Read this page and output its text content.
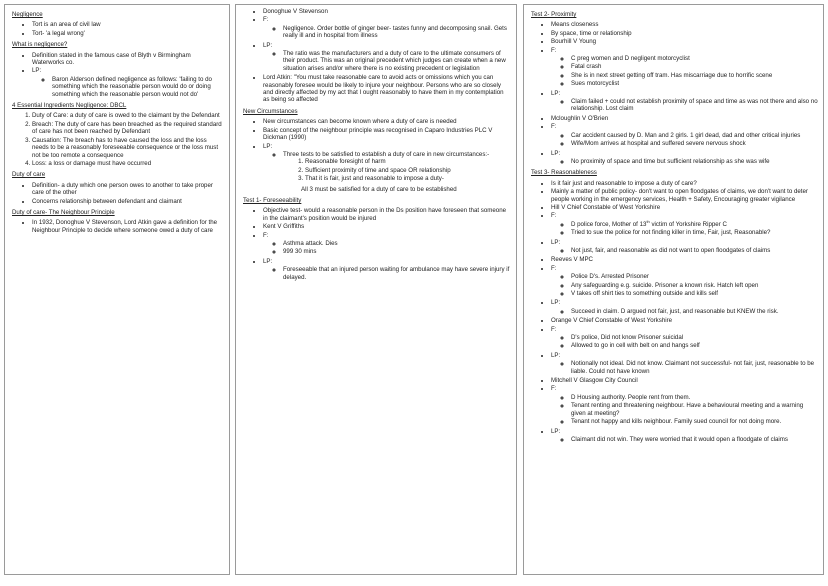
Negligence
• Tort is an area of civil law
• Tort- 'a legal wrong'
What is negligence?
• Definition stated in the famous case of Blyth v Birmingham Waterworks co.
• LP:
◦ Baron Alderson defined negligence as follows: 'failing to do something which the reasonable person would do or doing something which the reasonable person would not do'
4 Essential Ingredients Negligence: DBCL
1. Duty of Care: a duty of care is owed to the claimant by the Defendant
2. Breach: The duty of care has been breached as the required standard of care has not been reached by Defendant
3. Causation: The breach has to have caused the loss and the loss needs to be a reasonably foreseeable consequence or the loss must not be too remote a consequence
4. Loss: a loss or damage must have occurred
Duty of care
• Definition- a duty which one person owes to another to take proper care of the other
• Concerns relationship between defendant and claimant
Duty of care- The Neighbour Principle
• In 1932, Donoghue V Stevenson, Lord Atkin gave a definition for the Neighbour Principle to decide where someone owed a duty of care
• Donoghue V Stevenson
• F:
◦ Negligence. Order bottle of ginger beer- tastes funny and decomposing snail. Gets really ill and in hospital from illness
• LP:
◦ The ratio was the manufacturers and a duty of care to the ultimate consumers of their product. This was an original precedent which judges can create when a new situation arises and/or where there is no existing precedent or legislation
• Lord Atkin: "You must take reasonable care to avoid acts or omissions which you can reasonably foresee would be likely to injure your neighbour. Persons who are so closely and directly affected by my act that I ought reasonably to have them in my contemplation as being so affected
New Circumstances
• New circumstances can become known where a duty of care is needed
• Basic concept of the neighbour principle was recognised in Caparo Industries PLC V Dickman (1990)
• LP:
◦ Three tests to be satisfied to establish a duty of care in new circumstances:-
1. Reasonable foresight of harm
2. Sufficient proximity of time and space OR relationship
3. That it is fair, just and reasonable to impose a duty-
All 3 must be satisfied for a duty of care to be established
Test 1- Foreseeability
• Objective test- would a reasonable person in the Ds position have foreseen that someone in the claimant's position would be injured
• Kent V Griffiths
• F:
◦ Asthma attack. Dies
◦ 999 30 mins
• LP:
◦ Foreseeable that an injured person waiting for ambulance may have severe injury if delayed.
Test 2- Proximity
• Means closeness
• By space, time or relationship
• Bourhill V Young
• F:
◦ C preg women and D negligent motorcyclist
◦ Fatal crash
◦ She is in next street getting off tram. Has miscarriage due to horrific scene
◦ Sues motorcyclist
• LP:
◦ Claim failed + could not establish proximity of space and time as was not there and also no relationship. Lost claim
• Mcloughlin V O'Brien
• F:
◦ Car accident caused by D. Man and 2 girls. 1 girl dead, dad and other critical injuries
◦ Wife/Mom arrives at hospital and suffered severe nervous shock
• LP:
◦ No proximity of space and time but sufficient relationship as she was wife
Test 3- Reasonableness
• Is it fair just and reasonable to impose a duty of care?
• Mainly a matter of public policy- don't want to open floodgates of claims, we don't want to deter people working in the emergency services, Health + Safety, Encouraging greater vigilance
• Hill V Chief Constable of West Yorkshire
• F:
◦ D police force, Mother of 13th victim of Yorkshire Ripper C
◦ Tried to sue the police for not finding killer in time, Fair, just, Reasonable?
• LP:
◦ Not just, fair, and reasonable as did not want to open floodgates of claims
• Reeves V MPC
• F:
◦ Police D's. Arrested Prisoner
◦ Any safeguarding e.g. suicide. Prisoner a known risk. Hatch left open
◦ V takes off shirt ties to something outside and kills self
• LP:
◦ Succeed in claim. D argued not fair, just, and reasonable but KNEW the risk.
• Orange V Chief Constable of West Yorkshire
• F:
◦ D's police, Did not know Prisoner suicidal
◦ Allowed to go in cell with belt on and hangs self
• LP:
◦ Notionally not ideal. Did not know. Claimant not successful- not fair, just, reasonable to be liable. Could not have known
• Mitchell V Glasgow City Council
• F:
◦ D Housing authority. People rent from them.
◦ Tenant renting and threatening neighbour. Have a behavioural meeting and a warning given at meeting?
◦ Tenant not happy and kills neighbour. Family sued council for not doing more.
• LP:
◦ Claimant did not win. They were worried that it would open a floodgate of claims
